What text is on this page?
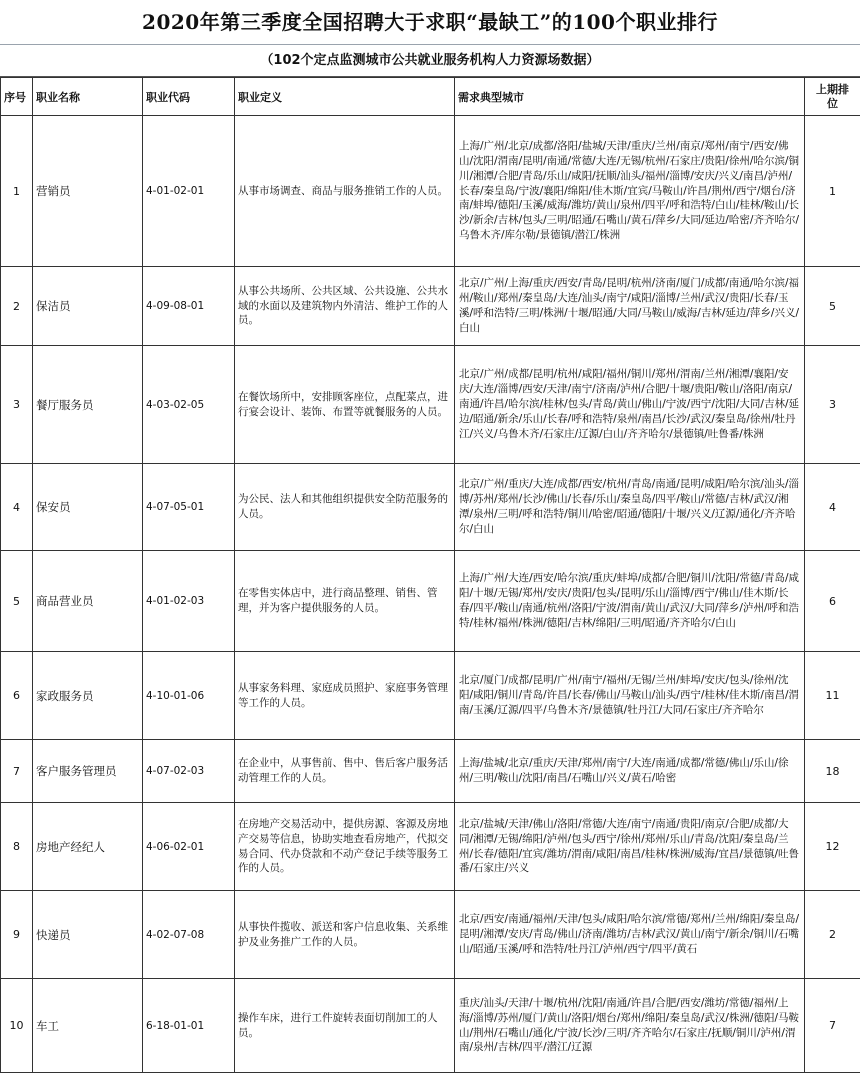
2020年第三季度全国招聘大于求职“最缺工”的100个职业排行
（102个定点监测城市公共就业服务机构人力资源场数据）
序号	职业名称	职业代码	职业定义	需求典型城市	上期排位
1	营销员	4-01-02-01	从事市场调查、商品与服务推销工作的人员。	上海/广州/北京/成都/洛阳/盐城/天津/重庆/兰州/南京/郑州/南宁/西安/佛山/沈阳/渭南/昆明/南通/常德/大连/无锡/杭州/石家庄/贵阳/徐州/哈尔滨/铜川/湘潭/合肥/青岛/乐山/咸阳/抚顺/汕头/福州/淄博/安庆/兴义/南昌/泸州/长春/秦皇岛/宁波/襄阳/绵阳/佳木斯/宜宾/马鞍山/许昌/荆州/西宁/烟台/济南/蚌埠/德阳/玉溪/威海/潍坊/黄山/泉州/四平/呼和浩特/白山/桂林/鞍山/长沙/新余/吉林/包头/三明/昭通/石嘴山/黄石/萍乡/大同/延边/哈密/齐齐哈尔/乌鲁木齐/库尔勒/景德镇/潜江/株洲	1
2	保洁员	4-09-08-01	从事公共场所、公共区域、公共设施、公共水域的水面以及建筑物内外清洁、维护工作的人员。	北京/广州/上海/重庆/西安/青岛/昆明/杭州/济南/厦门/成都/南通/哈尔滨/福州/鞍山/郑州/秦皇岛/大连/汕头/南宁/咸阳/淄博/兰州/武汉/贵阳/长春/玉溪/呼和浩特/三明/株洲/十堰/昭通/大同/马鞍山/威海/吉林/延边/萍乡/兴义/白山	5
3	餐厅服务员	4-03-02-05	在餐饮场所中，安排顾客座位，点配菜点，进行宴会设计、装饰、布置等就餐服务的人员。	北京/广州/成都/昆明/杭州/咸阳/福州/铜川/郑州/渭南/兰州/湘潭/襄阳/安庆/大连/淄博/西安/天津/南宁/济南/泸州/合肥/十堰/贵阳/鞍山/洛阳/南京/南通/许昌/哈尔滨/桂林/包头/青岛/黄山/佛山/宁波/西宁/沈阳/大同/吉林/延边/昭通/新余/乐山/长春/呼和浩特/泉州/南昌/长沙/武汉/秦皇岛/徐州/牡丹江/兴义/乌鲁木齐/石家庄/辽源/白山/齐齐哈尔/景德镇/吐鲁番/株洲	3
4	保安员	4-07-05-01	为公民、法人和其他组织提供安全防范服务的人员。	北京/广州/重庆/大连/成都/西安/杭州/青岛/南通/昆明/咸阳/哈尔滨/汕头/淄博/苏州/郑州/长沙/佛山/长春/乐山/秦皇岛/四平/鞍山/常德/吉林/武汉/湘潭/泉州/三明/呼和浩特/铜川/哈密/昭通/德阳/十堰/兴义/辽源/通化/齐齐哈尔/白山	4
5	商品营业员	4-01-02-03	在零售实体店中，进行商品整理、销售、管理，并为客户提供服务的人员。	上海/广州/大连/西安/哈尔滨/重庆/蚌埠/成都/合肥/铜川/沈阳/常德/青岛/咸阳/十堰/无锡/郑州/安庆/贵阳/包头/昆明/乐山/淄博/西宁/佛山/佳木斯/长春/四平/鞍山/南通/杭州/洛阳/宁波/渭南/黄山/武汉/大同/萍乡/泸州/呼和浩特/桂林/福州/株洲/德阳/吉林/绵阳/三明/昭通/齐齐哈尔/白山	6
6	家政服务员	4-10-01-06	从事家务料理、家庭成员照护、家庭事务管理等工作的人员。	北京/厦门/成都/昆明/广州/南宁/福州/无锡/兰州/蚌埠/安庆/包头/徐州/沈阳/咸阳/铜川/青岛/许昌/长春/佛山/马鞍山/汕头/西宁/桂林/佳木斯/南昌/渭南/玉溪/辽源/四平/乌鲁木齐/景德镇/牡丹江/大同/石家庄/齐齐哈尔	11
7	客户服务管理员	4-07-02-03	在企业中，从事售前、售中、售后客户服务活动管理工作的人员。	上海/盐城/北京/重庆/天津/郑州/南宁/大连/南通/成都/常德/佛山/乐山/徐州/三明/鞍山/沈阳/南昌/石嘴山/兴义/黄石/哈密	18
8	房地产经纪人	4-06-02-01	在房地产交易活动中，提供房源、客源及房地产交易等信息，协助实地查看房地产，代拟交易合同、代办贷款和不动产登记手续等服务工作的人员。	北京/盐城/天津/佛山/洛阳/常德/大连/南宁/南通/贵阳/南京/合肥/成都/大同/湘潭/无锡/绵阳/泸州/包头/西宁/徐州/郑州/乐山/青岛/沈阳/秦皇岛/兰州/长春/德阳/宜宾/潍坊/渭南/咸阳/南昌/桂林/株洲/威海/宜昌/景德镇/吐鲁番/石家庄/兴义	12
9	快递员	4-02-07-08	从事快件揽收、派送和客户信息收集、关系维护及业务推广工作的人员。	北京/西安/南通/福州/天津/包头/咸阳/哈尔滨/常德/郑州/兰州/绵阳/秦皇岛/昆明/湘潭/安庆/青岛/佛山/济南/潍坊/吉林/武汉/黄山/南宁/新余/铜川/石嘴山/昭通/玉溪/呼和浩特/牡丹江/泸州/西宁/四平/黄石	2
10	车工	6-18-01-01	操作车床，进行工件旋转表面切削加工的人员。	重庆/汕头/天津/十堰/杭州/沈阳/南通/许昌/合肥/西安/潍坊/常德/福州/上海/淄博/苏州/厦门/黄山/洛阳/烟台/郑州/绵阳/秦皇岛/武汉/株洲/德阳/马鞍山/荆州/石嘴山/通化/宁波/长沙/三明/齐齐哈尔/石家庄/抚顺/铜川/泸州/渭南/泉州/吉林/四平/潜江/辽源	7
